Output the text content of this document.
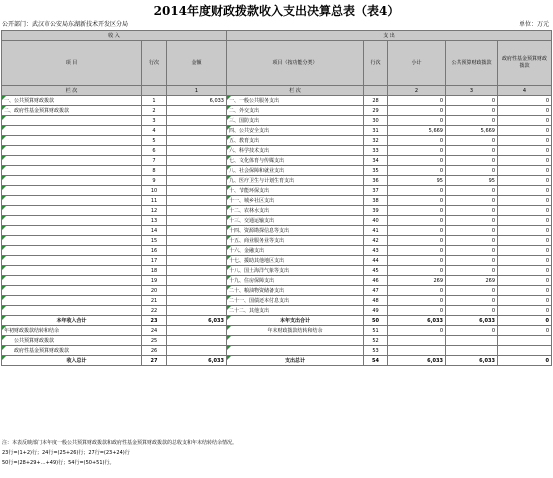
2014年度财政拨款收入支出决算总表（表4）
公开部门：武汉市公安局东湖新技术开发区分局	单位：万元
收 入			支 出				
项 目	行次	金额	项目（按功能分类）	行次	小计	公共预算财政拨款	政府性基金预算财政拨款
栏 次		1	栏 次		2	3	4
一、公共预算财政拨款	1	6,033	一、一般公共服务支出	28	0	0	0
二、政府性基金预算财政拨款	2		二、外交支出	29	0	0	0
	3		三、国防支出	30	0	0	0
	4		四、公共安全支出	31	5,669	5,669	0
	5		五、教育支出	32	0	0	0
	6		六、科学技术支出	33	0	0	0
	7		七、文化体育与传媒支出	34	0	0	0
	8		八、社会保障和就业支出	35	0	0	0
	9		九、医疗卫生与计划生育支出	36	95	95	0
	10		十、节能环保支出	37	0	0	0
	11		十一、城乡社区支出	38	0	0	0
	12		十二、农林水支出	39	0	0	0
	13		十三、交通运输支出	40	0	0	0
	14		十四、资源勘探信息等支出	41	0	0	0
	15		十五、商业服务业等支出	42	0	0	0
	16		十六、金融支出	43	0	0	0
	17		十七、援助其他地区支出	44	0	0	0
	18		十八、国土海洋气象等支出	45	0	0	0
	19		十九、住房保障支出	46	269	269	0
	20		二十、粮油物资储备支出	47	0	0	0
	21		二十一、国债还本付息支出	48	0	0	0
	22		二十二、其他支出	49	0	0	0
本年收入合计	23	6,033	本年支出合计	50	6,033	6,033	0
年初财政拨款结转和结余	24		年末财政拨款结转和结余	51	0	0	0
公共预算财政拨款	25			52			
政府性基金预算财政拨款	26			53			
收入总计	27	6,033	支出总计	54	6,033	6,033	0
注：本表反映部门本年度一般公共预算财政拨款和政府性基金预算财政拨款的总收支和年末结转结余情况。
23行=(1+2)行；24行=(25+26)行；27行=(23+24)行
50行=(28+29+…+49)行；54行=(50+51)行。
